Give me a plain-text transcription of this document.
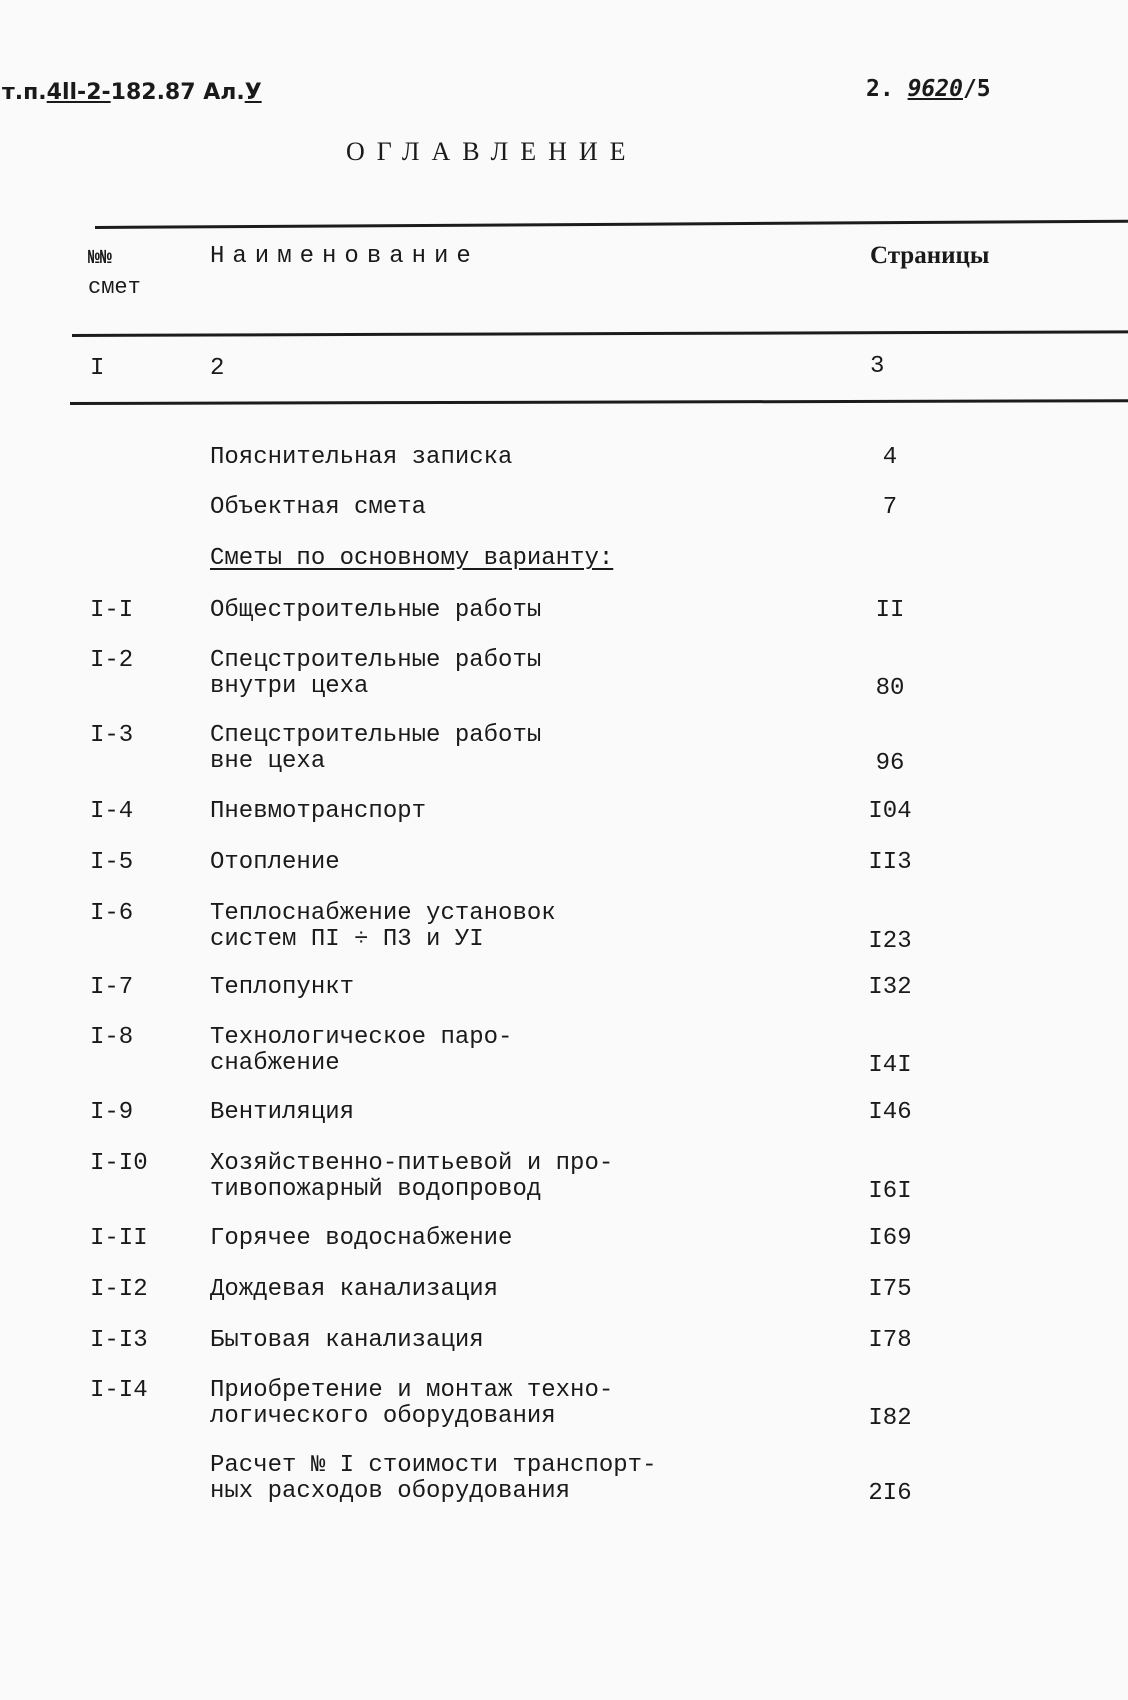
т.п.4ll-2-182.87 Ал.У	2. 9620/5
ОГЛАВЛЕНИЕ
№№
смет
Наименование	Страницы
I	2	3
Пояснительная записка	4
Объектная смета	7
Сметы по основному варианту:
I-I	Общестроительные работы	II
I-2	Спецстроительные работы
внутри цеха	80
I-3	Спецстроительные работы
вне цеха	96
I-4	Пневмотранспорт	I04
I-5	Отопление	II3
I-6	Теплоснабжение установок
систем ПI ÷ П3 и УI	I23
I-7	Теплопункт	I32
I-8	Технологическое паро-
снабжение	I4I
I-9	Вентиляция	I46
I-I0	Хозяйственно-питьевой и про-
тивопожарный водопровод	I6I
I-II	Горячее водоснабжение	I69
I-I2	Дождевая канализация	I75
I-I3	Бытовая канализация	I78
I-I4	Приобретение и монтаж техно-
логического оборудования	I82
Расчет № I стоимости транспорт-
ных расходов оборудования	2I6
